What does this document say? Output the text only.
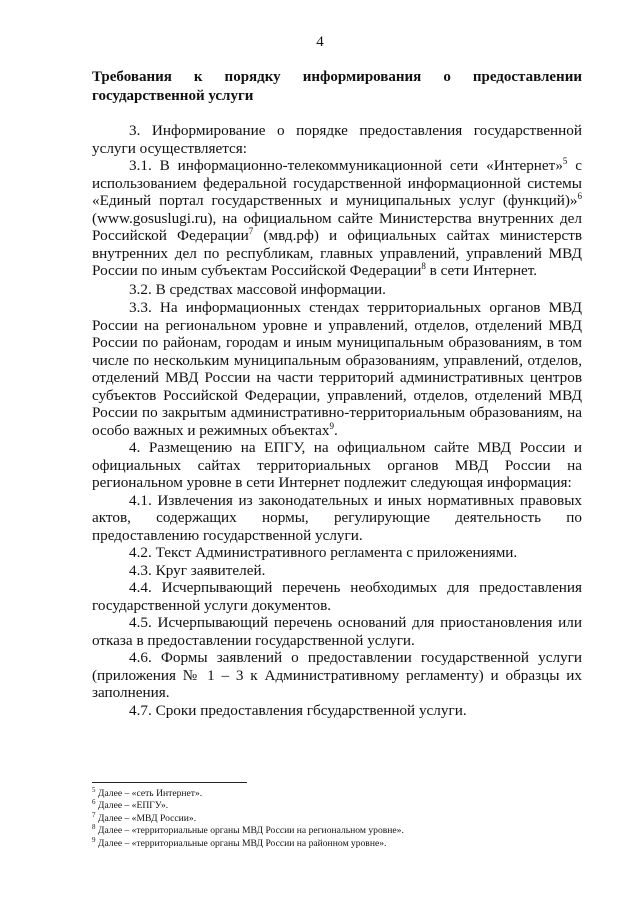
4
Требования к порядку информирования о предоставлении государственной услуги

3. Информирование о порядке предоставления государственной услуги осуществляется:

3.1. В информационно-телекоммуникационной сети «Интернет»$^5$ с использованием федеральной государственной информационной системы «Единый портал государственных и муниципальных услуг (функций)»$^6$ (www.gosuslugi.ru), на официальном сайте Министерства внутренних дел Российской Федерации$^7$ (мвд.рф) и официальных сайтах министерств внутренних дел по республикам, главных управлений, управлений МВД России по иным субъектам Российской Федерации$^8$ в сети Интернет.

3.2. В средствах массовой информации.

3.3. На информационных стендах территориальных органов МВД России на региональном уровне и управлений, отделов, отделений МВД России по районам, городам и иным муниципальным образованиям, в том числе по нескольким муниципальным образованиям, управлений, отделов, отделений МВД России на части территорий административных центров субъектов Российской Федерации, управлений, отделов, отделений МВД России по закрытым административно-территориальным образованиям, на особо важных и режимных объектах$^9$.

4. Размещению на ЕПГУ, на официальном сайте МВД России и официальных сайтах территориальных органов МВД России на региональном уровне в сети Интернет подлежит следующая информация:

4.1. Извлечения из законодательных и иных нормативных правовых актов, содержащих нормы, регулирующие деятельность по предоставлению государственной услуги.

4.2. Текст Административного регламента с приложениями.

4.3. Круг заявителей.

4.4. Исчерпывающий перечень необходимых для предоставления государственной услуги документов.

4.5. Исчерпывающий перечень оснований для приостановления или отказа в предоставлении государственной услуги.

4.6. Формы заявлений о предоставлении государственной услуги (приложения № 1 – 3 к Административному регламенту) и образцы их заполнения.

4.7. Сроки предоставления гбсударственной услуги.

$^5$ Далее – «сеть Интернет».
$^6$ Далее – «ЕПГУ».
$^7$ Далее – «МВД России».
$^8$ Далее – «территориальные органы МВД России на региональном уровне».
$^9$ Далее – «территориальные органы МВД России на районном уровне».
